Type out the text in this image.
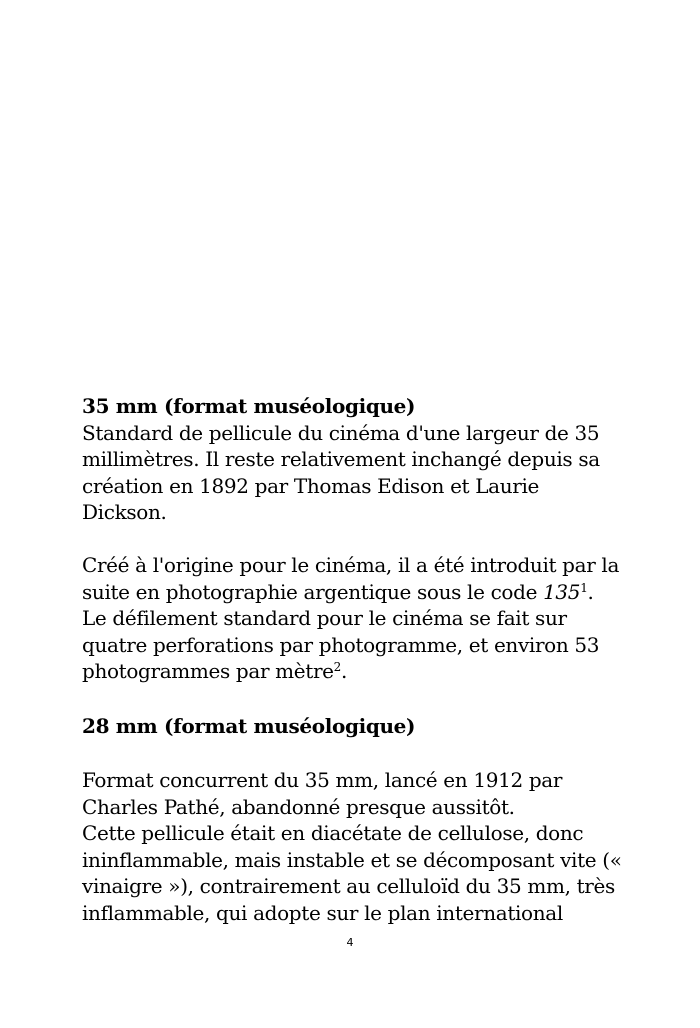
35 mm (format muséologique)

Standard de pellicule du cinéma d'une largeur de 35 millimètres. Il reste relativement inchangé depuis sa création en 1892 par Thomas Edison et Laurie Dickson.

Créé à l'origine pour le cinéma, il a été introduit par la suite en photographie argentique sous le code $135^1$. Le défilement standard pour le cinéma se fait sur quatre perforations par photogramme, et environ 53 photogrammes par mètre$^2$.

28 mm (format muséologique)

Format concurrent du 35 mm, lancé en 1912 par Charles Pathé, abandonné presque aussitôt.

Cette pellicule était en diacétate de cellulose, donc ininflammable, mais instable et se décomposant vite (« vinaigre »), contrairement au celluloïd du 35 mm, très inflammable, qui adopte sur le plan international

4
